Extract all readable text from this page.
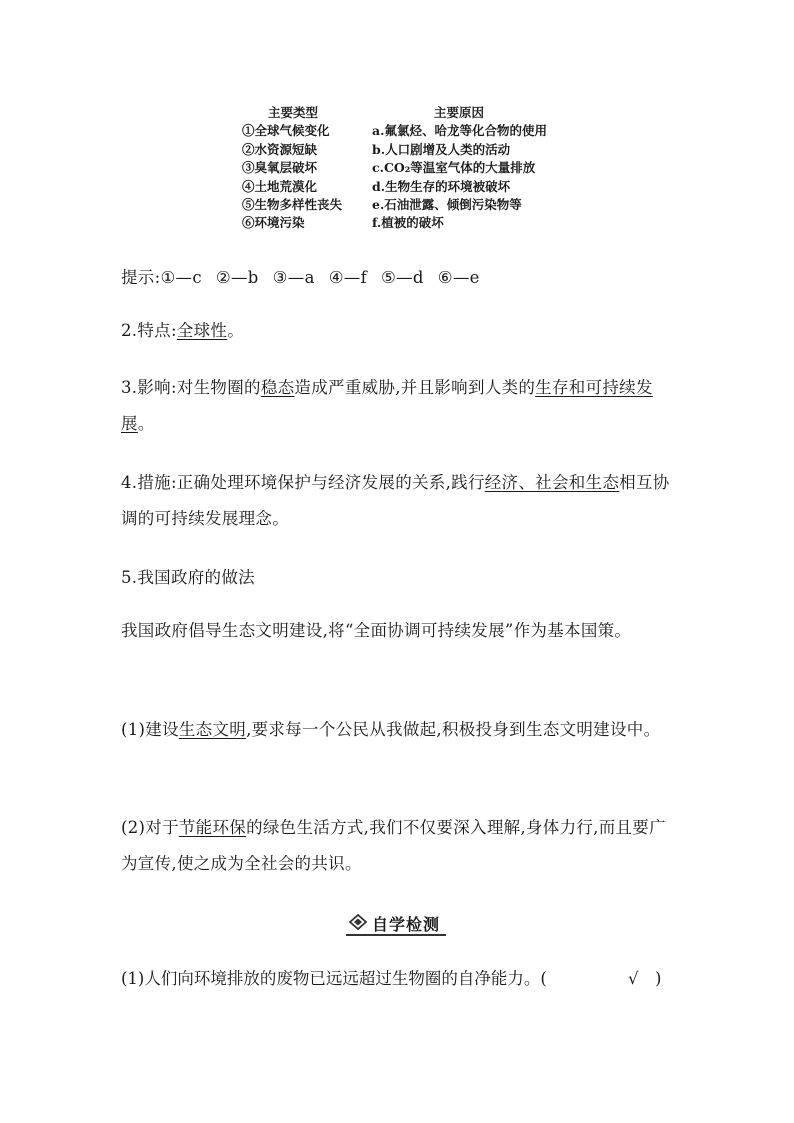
主要类型	主要原因
①全球气候变化	a.氟氯烃、哈龙等化合物的使用
②水资源短缺	b.人口剧增及人类的活动
③臭氧层破坏	c.CO₂等温室气体的大量排放
④土地荒漠化	d.生物生存的环境被破坏
⑤生物多样性丧失	e.石油泄露、倾倒污染物等
⑥环境污染	f.植被的破坏
提示:①—c ②—b ③—a ④—f ⑤—d ⑥—e
2.特点:全球性。
3.影响:对生物圈的稳态造成严重威胁,并且影响到人类的生存和可持续发展。
4.措施:正确处理环境保护与经济发展的关系,践行经济、社会和生态相互协调的可持续发展理念。
5.我国政府的做法
我国政府倡导生态文明建设,将“全面协调可持续发展”作为基本国策。
(1)建设生态文明,要求每一个公民从我做起,积极投身到生态文明建设中。
(2)对于节能环保的绿色生活方式,我们不仅要深入理解,身体力行,而且要广为宣传,使之成为全社会的共识。
自学检测
(1)人们向环境排放的废物已远远超过生物圈的自净能力。(	√ )
